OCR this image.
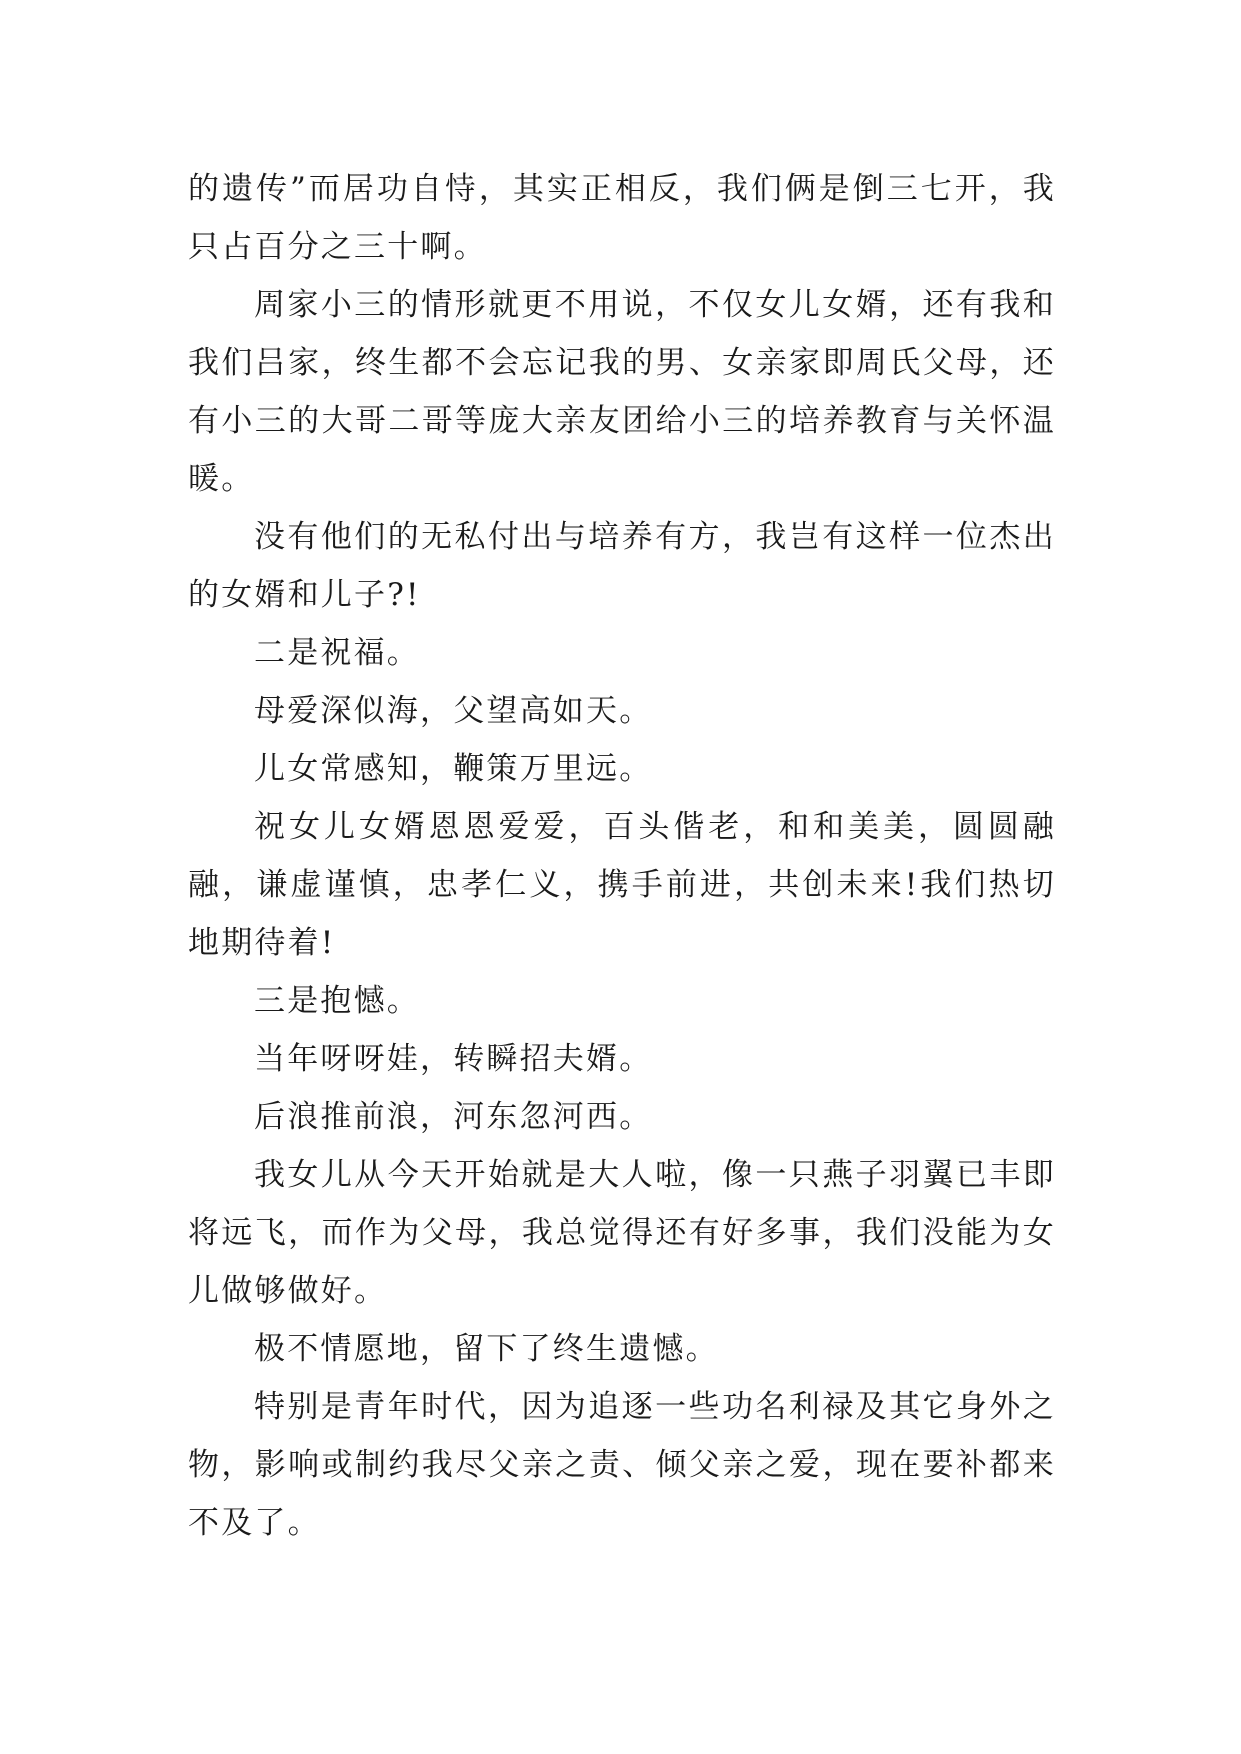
的遗传”而居功自恃，其实正相反，我们俩是倒三七开，我只占百分之三十啊。

周家小三的情形就更不用说，不仅女儿女婿，还有我和我们吕家，终生都不会忘记我的男、女亲家即周氏父母，还有小三的大哥二哥等庞大亲友团给小三的培养教育与关怀温暖。

没有他们的无私付出与培养有方，我岂有这样一位杰出的女婿和儿子?!

二是祝福。

母爱深似海，父望高如天。

儿女常感知，鞭策万里远。

祝女儿女婿恩恩爱爱，百头偕老，和和美美，圆圆融融，谦虚谨慎，忠孝仁义，携手前进，共创未来!我们热切地期待着!

三是抱憾。

当年呀呀娃，转瞬招夫婿。

后浪推前浪，河东忽河西。

我女儿从今天开始就是大人啦，像一只燕子羽翼已丰即将远飞，而作为父母，我总觉得还有好多事，我们没能为女儿做够做好。

极不情愿地，留下了终生遗憾。

特别是青年时代，因为追逐一些功名利禄及其它身外之物，影响或制约我尽父亲之责、倾父亲之爱，现在要补都来不及了。
